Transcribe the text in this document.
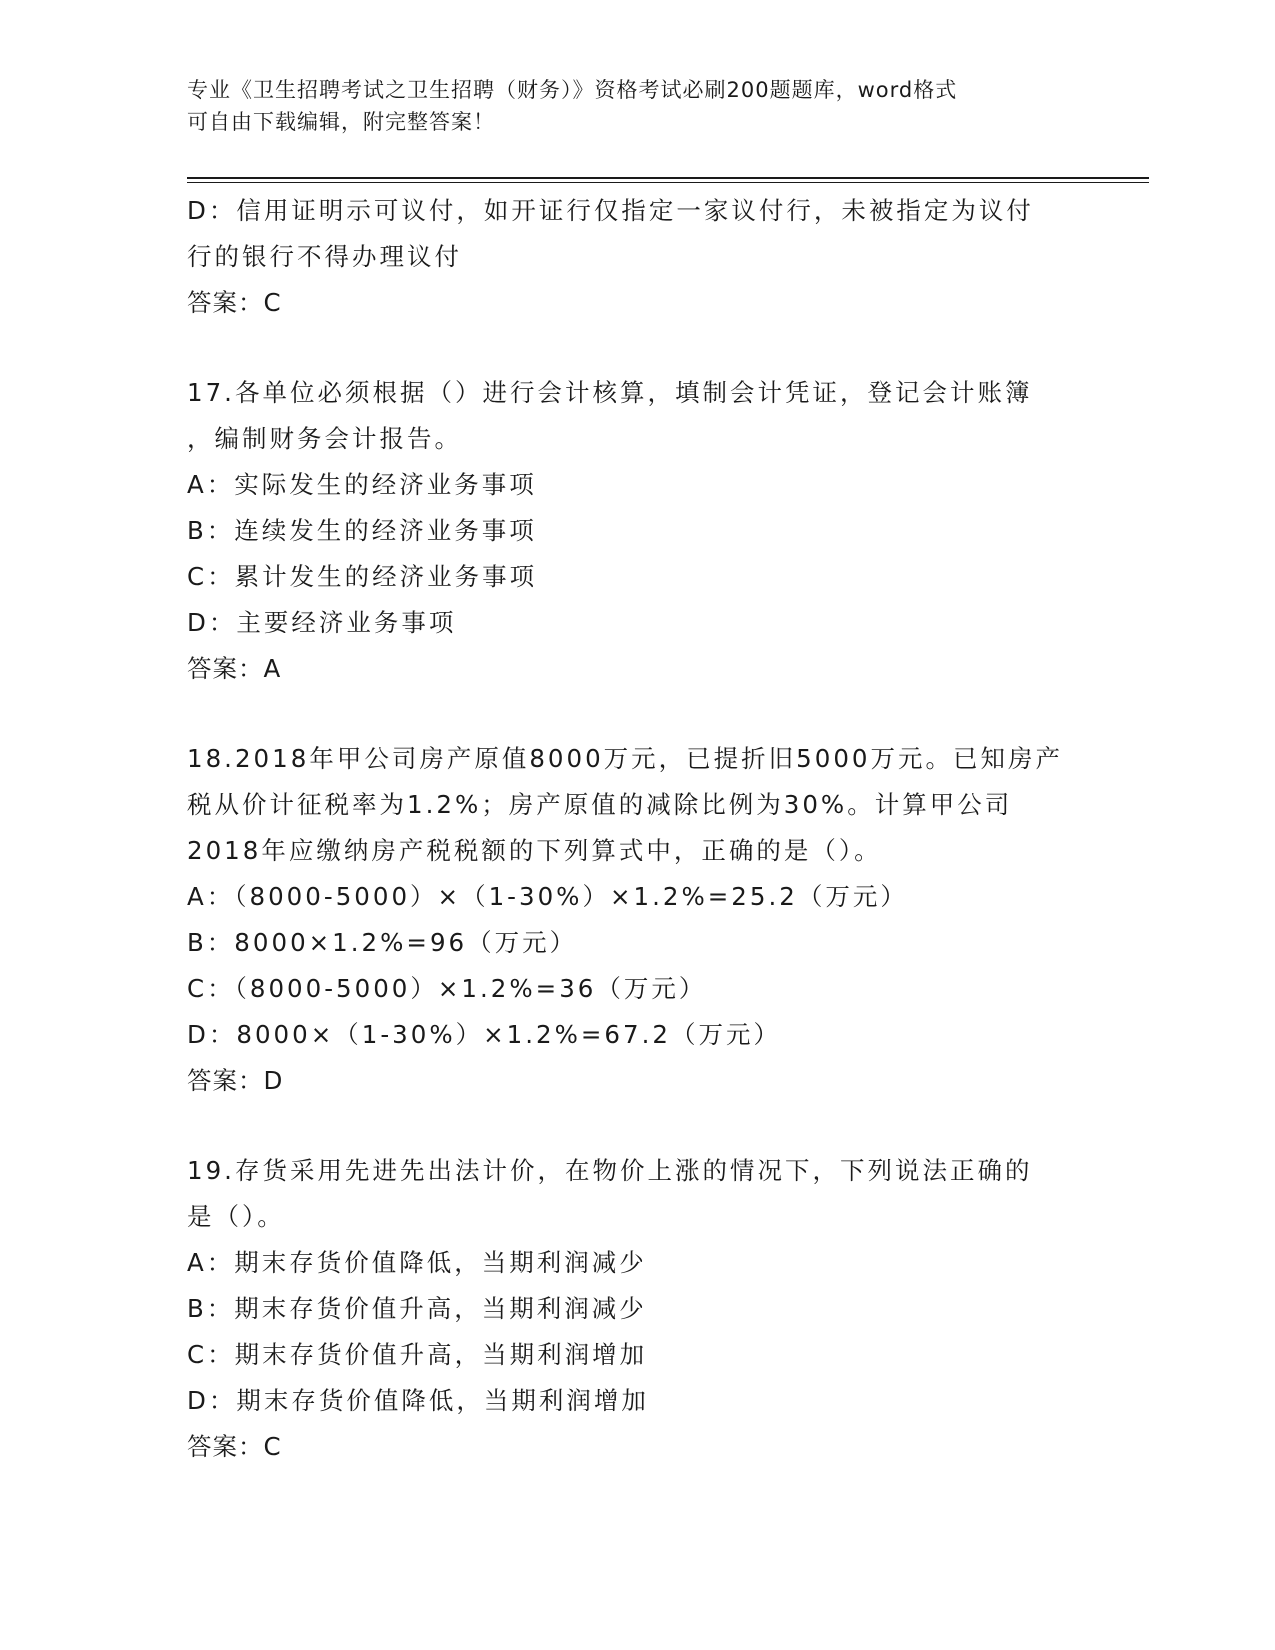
专业《卫生招聘考试之卫生招聘（财务）》资格考试必刷200题题库，word格式
可自由下载编辑，附完整答案！
D：信用证明示可议付，如开证行仅指定一家议付行，未被指定为议付
行的银行不得办理议付
答案：C
17.各单位必须根据（）进行会计核算，填制会计凭证，登记会计账簿
，编制财务会计报告。
A：实际发生的经济业务事项
B：连续发生的经济业务事项
C：累计发生的经济业务事项
D：主要经济业务事项
答案：A
18.2018年甲公司房产原值8000万元，已提折旧5000万元。已知房产
税从价计征税率为1.2%；房产原值的减除比例为30%。计算甲公司
2018年应缴纳房产税税额的下列算式中，正确的是（）。
A：（8000-5000）×（1-30%）×1.2%=25.2（万元）
B：8000×1.2%=96（万元）
C：（8000-5000）×1.2%=36（万元）
D：8000×（1-30%）×1.2%=67.2（万元）
答案：D
19.存货采用先进先出法计价，在物价上涨的情况下，下列说法正确的
是（）。
A：期末存货价值降低，当期利润减少
B：期末存货价值升高，当期利润减少
C：期末存货价值升高，当期利润增加
D：期末存货价值降低，当期利润增加
答案：C
